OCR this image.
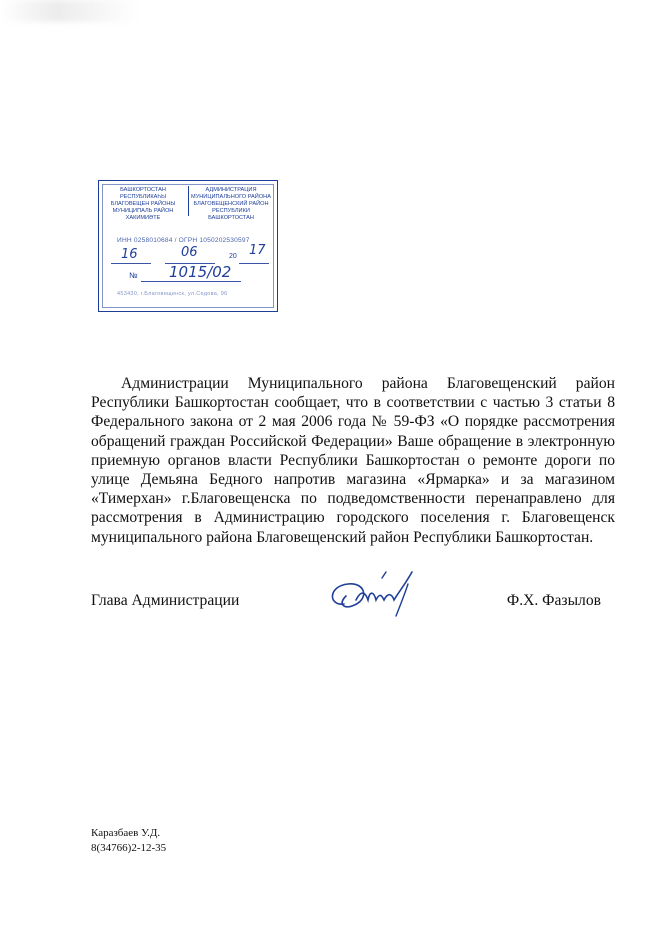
БАШКОРТОСТАН РЕСПУБЛИКАҺЫ
БЛАГОВЕЩЕН РАЙОНЫ
МУНИЦИПАЛЬ РАЙОН
ХАКИМИӘТЕ
АДМИНИСТРАЦИЯ
МУНИЦИПАЛЬНОГО РАЙОНА
БЛАГОВЕЩЕНСКИЙ РАЙОН
РЕСПУБЛИКИ БАШКОРТОСТАН
ИНН 0258010684 / ОГРН 1050202530597
16	06	20 17
№ 1015/02
453430, г.Благовещенск, ул.Седова, 96

Администрации Муниципального района Благовещенский район Республики Башкортостан сообщает, что в соответствии с частью 3 статьи 8 Федерального закона от 2 мая 2006 года № 59-ФЗ «О порядке рассмотрения обращений граждан Российской Федерации» Ваше обращение в электронную приемную органов власти Республики Башкортостан о ремонте дороги по улице Демьяна Бедного напротив магазина «Ярмарка» и за магазином «Тимерхан» г.Благовещенска по подведомственности перенаправлено для рассмотрения в Администрацию городского поселения г. Благовещенск муниципального района Благовещенский район Республики Башкортостан.

Глава Администрации	Ф.Х. Фазылов
Каразбаев У.Д.
8(34766)2-12-35
